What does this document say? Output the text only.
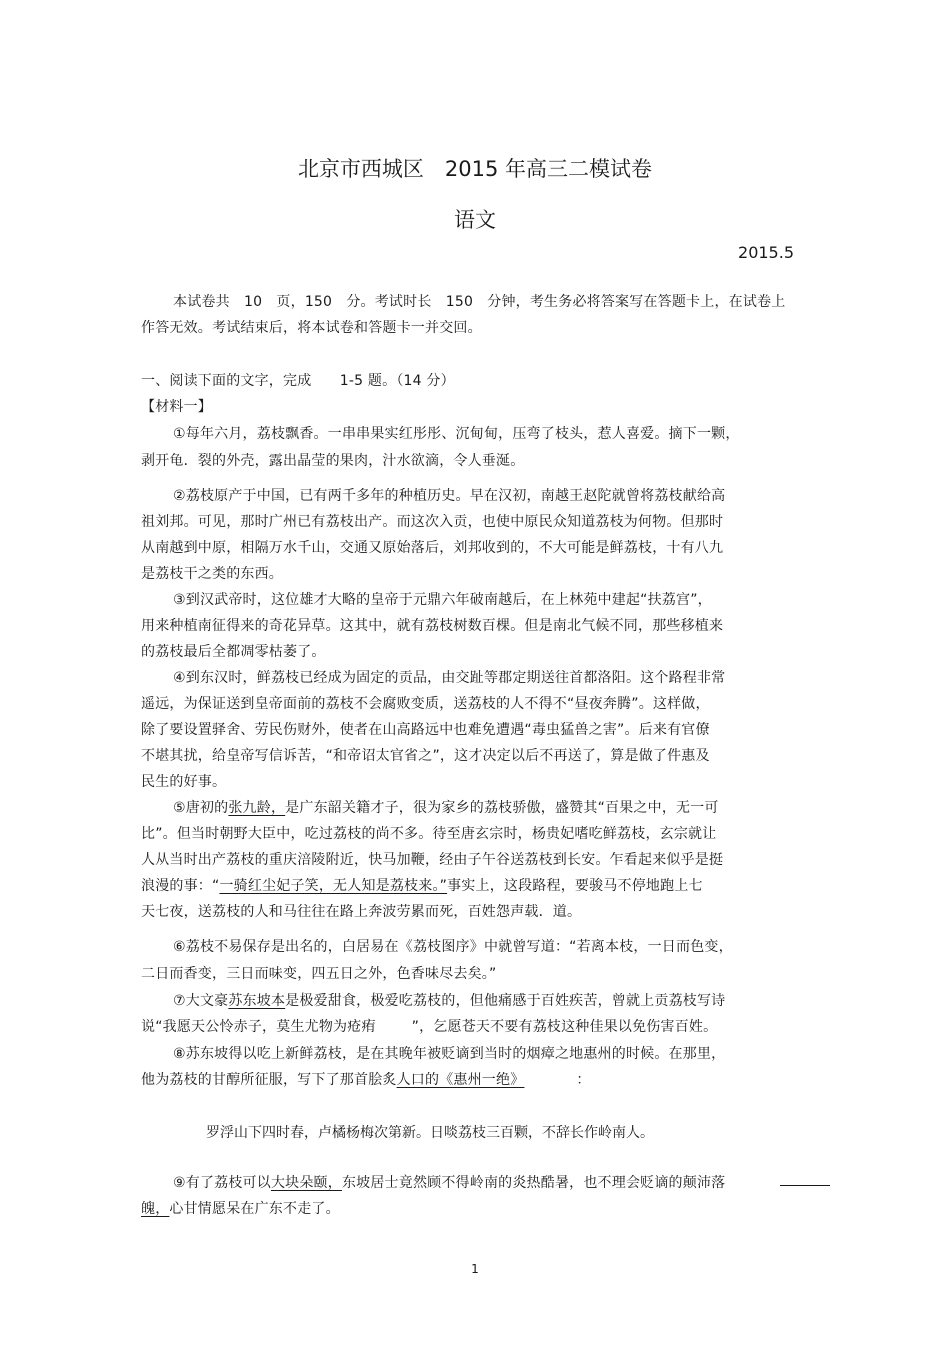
北京市西城区　2015 年高三二模试卷
语文
2015.5
本试卷共　10　页，150　分。考试时长　150　分钟，考生务必将答案写在答题卡上，在试卷上
作答无效。考试结束后，将本试卷和答题卡一并交回。
一、阅读下面的文字，完成　　1-5 题。（14 分）
【材料一】
①每年六月，荔枝飘香。一串串果实红彤彤、沉甸甸，压弯了枝头，惹人喜爱。摘下一颗，
剥开龟．裂的外壳，露出晶莹的果肉，汁水欲滴，令人垂涎。
②荔枝原产于中国，已有两千多年的种植历史。早在汉初，南越王赵陀就曾将荔枝献给高
祖刘邦。可见，那时广州已有荔枝出产。而这次入贡，也使中原民众知道荔枝为何物。但那时
从南越到中原，相隔万水千山，交通又原始落后，刘邦收到的，不大可能是鲜荔枝，十有八九
是荔枝干之类的东西。
③到汉武帝时，这位雄才大略的皇帝于元鼎六年破南越后，在上林苑中建起“扶荔宫”，
用来种植南征得来的奇花异草。这其中，就有荔枝树数百棵。但是南北气候不同，那些移植来
的荔枝最后全都凋零枯萎了。
④到东汉时，鲜荔枝已经成为固定的贡品，由交趾等郡定期送往首都洛阳。这个路程非常
遥远，为保证送到皇帝面前的荔枝不会腐败变质，送荔枝的人不得不“昼夜奔腾”。这样做，
除了要设置驿舍、劳民伤财外，使者在山高路远中也难免遭遇“毒虫猛兽之害”。后来有官僚
不堪其扰，给皇帝写信诉苦，“和帝诏太官省之”，这才决定以后不再送了，算是做了件惠及
民生的好事。
⑤唐初的张九龄，是广东韶关籍才子，很为家乡的荔枝骄傲，盛赞其“百果之中，无一可
比”。但当时朝野大臣中，吃过荔枝的尚不多。待至唐玄宗时，杨贵妃嗜吃鲜荔枝，玄宗就让
人从当时出产荔枝的重庆涪陵附近，快马加鞭，经由子午谷送荔枝到长安。乍看起来似乎是挺
浪漫的事：“一骑红尘妃子笑，无人知是荔枝来。”事实上，这段路程，要骏马不停地跑上七
天七夜，送荔枝的人和马往往在路上奔波劳累而死，百姓怨声载．道。
⑥荔枝不易保存是出名的，白居易在《荔枝图序》中就曾写道：“若离本枝，一日而色变，
二日而香变，三日而味变，四五日之外，色香味尽去矣。”
⑦大文豪苏东坡本是极爱甜食，极爱吃荔枝的，但他痛感于百姓疾苦，曾就上贡荔枝写诗
说“我愿天公怜赤子，莫生尤物为疮痏	”，乞愿苍天不要有荔枝这种佳果以免伤害百姓。
⑧苏东坡得以吃上新鲜荔枝，是在其晚年被贬谪到当时的烟瘴之地惠州的时候。在那里，
他为荔枝的甘醇所征服，写下了那首脍炙人口的《惠州一绝》	：
罗浮山下四时春，卢橘杨梅次第新。日啖荔枝三百颗，不辞长作岭南人。
⑨有了荔枝可以大块朵颐，东坡居士竟然顾不得岭南的炎热酷暑，也不理会贬谪的颠沛落
魄，心甘情愿呆在广东不走了。
1
